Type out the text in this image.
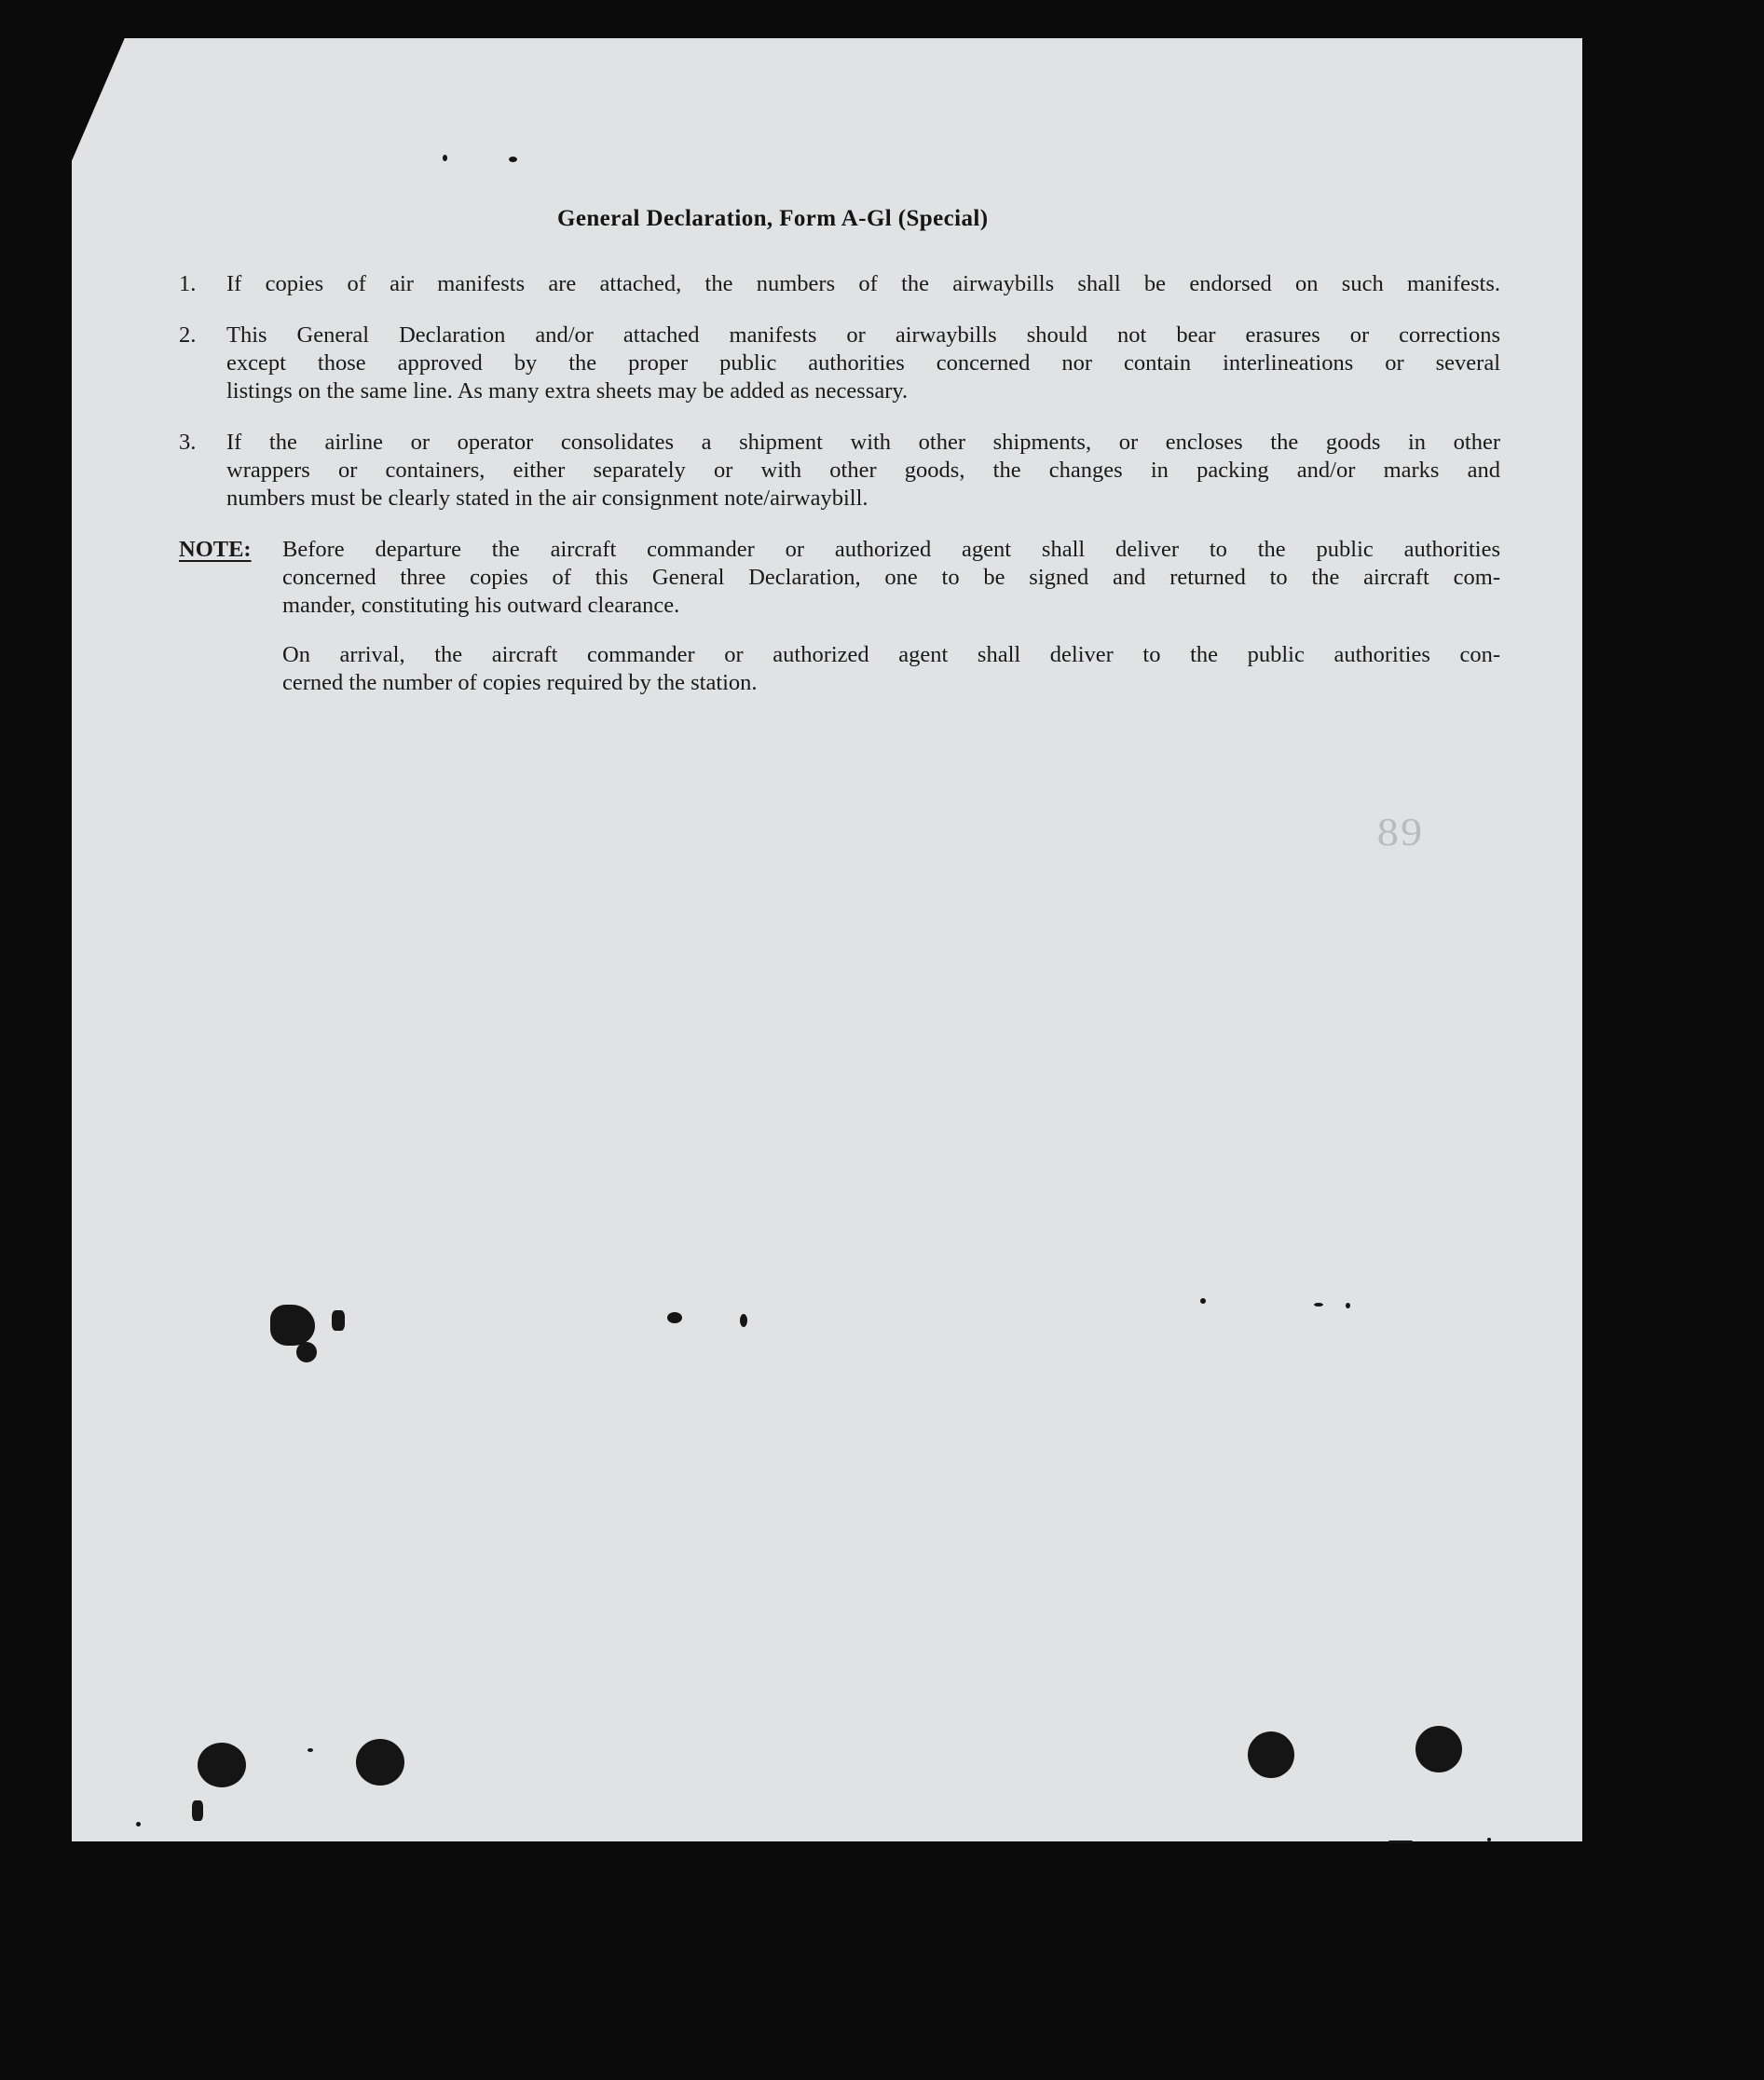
General Declaration, Form A-Gl (Special)
1.	If copies of air manifests are attached, the numbers of the airwaybills shall be endorsed on such manifests.
2.	This General Declaration and/or attached manifests or airwaybills should not bear erasures or corrections
except those approved by the proper public authorities concerned nor contain interlineations or several
listings on the same line. As many extra sheets may be added as necessary.
3.	If the airline or operator consolidates a shipment with other shipments, or encloses the goods in other
wrappers or containers, either separately or with other goods, the changes in packing and/or marks and
numbers must be clearly stated in the air consignment note/airwaybill.
NOTE: Before departure the aircraft commander or authorized agent shall deliver to the public authorities
concerned three copies of this General Declaration, one to be signed and returned to the aircraft com-
mander, constituting his outward clearance.
On arrival, the aircraft commander or authorized agent shall deliver to the public authorities con-
cerned the number of copies required by the station.
89
